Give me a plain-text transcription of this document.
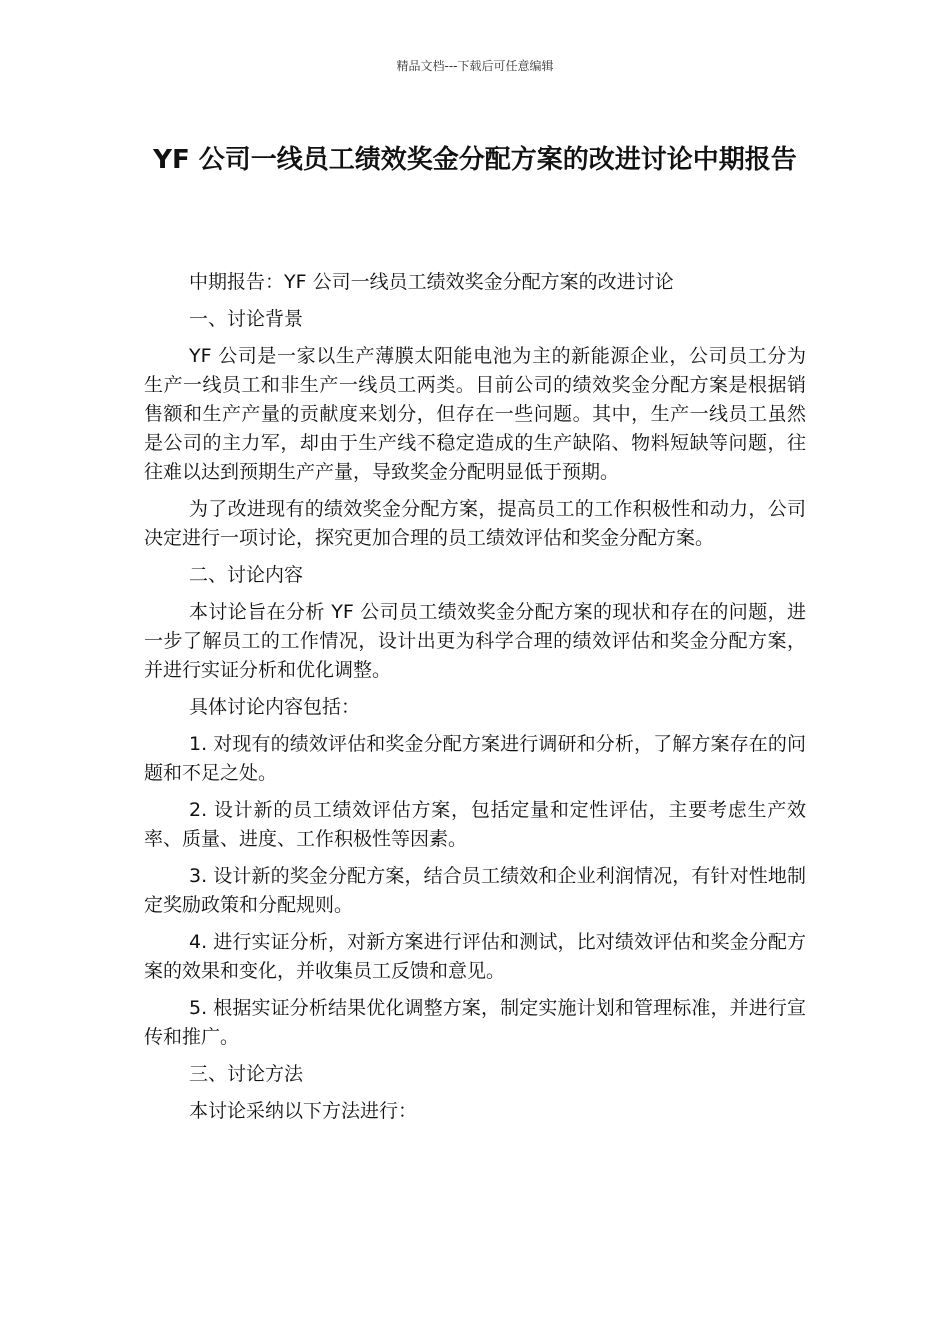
精品文档---下载后可任意编辑
YF 公司一线员工绩效奖金分配方案的改进讨论中期报告

中期报告：YF 公司一线员工绩效奖金分配方案的改进讨论

一、讨论背景

YF 公司是一家以生产薄膜太阳能电池为主的新能源企业，公司员工分为生产一线员工和非生产一线员工两类。目前公司的绩效奖金分配方案是根据销售额和生产产量的贡献度来划分，但存在一些问题。其中，生产一线员工虽然是公司的主力军，却由于生产线不稳定造成的生产缺陷、物料短缺等问题，往往难以达到预期生产产量，导致奖金分配明显低于预期。

为了改进现有的绩效奖金分配方案，提高员工的工作积极性和动力，公司决定进行一项讨论，探究更加合理的员工绩效评估和奖金分配方案。

二、讨论内容

本讨论旨在分析 YF 公司员工绩效奖金分配方案的现状和存在的问题，进一步了解员工的工作情况，设计出更为科学合理的绩效评估和奖金分配方案，并进行实证分析和优化调整。

具体讨论内容包括：

1. 对现有的绩效评估和奖金分配方案进行调研和分析，了解方案存在的问题和不足之处。

2. 设计新的员工绩效评估方案，包括定量和定性评估，主要考虑生产效率、质量、进度、工作积极性等因素。

3. 设计新的奖金分配方案，结合员工绩效和企业利润情况，有针对性地制定奖励政策和分配规则。

4. 进行实证分析，对新方案进行评估和测试，比对绩效评估和奖金分配方案的效果和变化，并收集员工反馈和意见。

5. 根据实证分析结果优化调整方案，制定实施计划和管理标准，并进行宣传和推广。

三、讨论方法

本讨论采纳以下方法进行：
